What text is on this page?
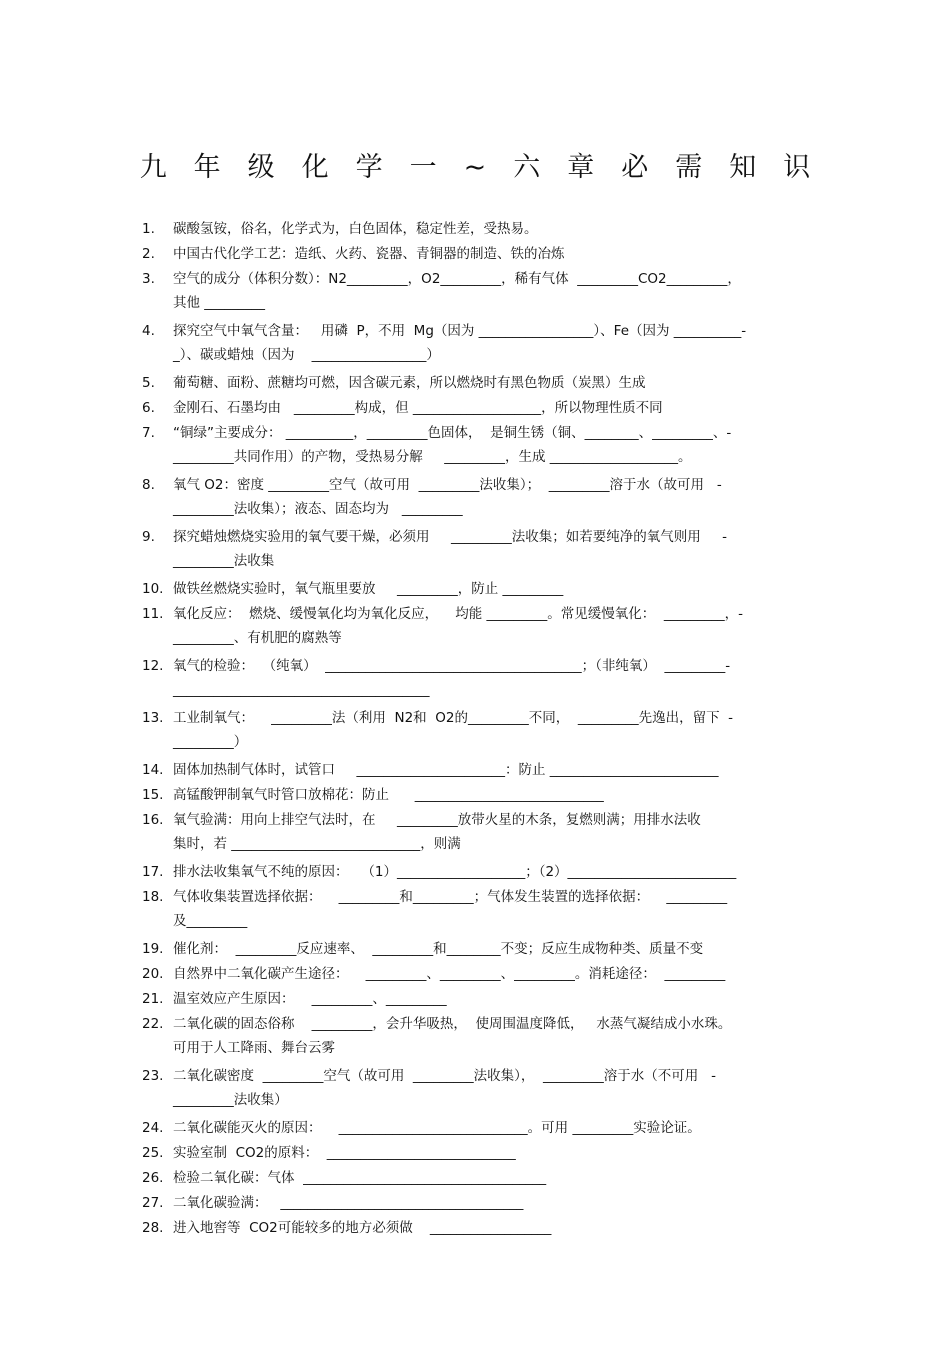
九年级化学一~六章必需知识
1. 碳酸氢铵，俗名，化学式为，白色固体，稳定性差，受热易。
2. 中国古代化学工艺：造纸、火药、瓷器、青铜器的制造、铁的冶炼
3. 空气的成分（体积分数）：N2_________，O2_________，稀有气体  _________CO2_________，
其他 _________
4. 探究空气中氧气含量：   用磷  P，不用  Mg（因为 _________________）、Fe（因为 __________-
_）、碳或蜡烛（因为    _________________）
5. 葡萄糖、面粉、蔗糖均可燃，因含碳元素，所以燃烧时有黑色物质（炭黑）生成
6. 金刚石、石墨均由   _________构成，但 ___________________，所以物理性质不同
7. “铜绿”主要成分： __________，_________色固体，  是铜生锈（铜、________、_________、-
_________共同作用）的产物，受热易分解     _________，生成 ___________________。
8. 氧气 O2：密度 _________空气（故可用  _________法收集）；  _________溶于水（故可用   -
_________法收集）；液态、固态均为   _________
9. 探究蜡烛燃烧实验用的氧气要干燥，必须用     _________法收集；如若要纯净的氧气则用     -
_________法收集
10. 做铁丝燃烧实验时，氧气瓶里要放     _________，防止 _________
11. 氧化反应：  燃烧、缓慢氧化均为氧化反应，    均能 _________。常见缓慢氧化：  _________，-
_________、有机肥的腐熟等
12. 氧气的检验：  （纯氧）  ______________________________________；（非纯氧）  _________-
______________________________________
13. 工业制氧气：    _________法（利用  N2和  O2的_________不同，  _________先逸出，留下  -
_________）
14. 固体加热制气体时，试管口     ______________________：防止 _________________________
15. 高锰酸钾制氧气时管口放棉花：防止      ____________________________
16. 氧气验满：用向上排空气法时，在     _________放带火星的木条，复燃则满；用排水法收
集时，若 ____________________________，则满
17. 排水法收集氧气不纯的原因：   （1）___________________；（2）_________________________
18. 气体收集装置选择依据：    _________和_________；气体发生装置的选择依据：    _________
及_________
19. 催化剂：  _________反应速率、  _________和________不变；反应生成物种类、质量不变
20. 自然界中二氧化碳产生途径：    _________、_________、_________。消耗途径：  _________
21. 温室效应产生原因：    _________、_________
22. 二氧化碳的固态俗称    _________，会升华吸热，  使周围温度降低，   水蒸气凝结成小水珠。
可用于人工降雨、舞台云雾
23. 二氧化碳密度  _________空气（故可用  _________法收集），  _________溶于水（不可用   -
_________法收集）
24. 二氧化碳能灭火的原因：    ____________________________。可用 _________实验论证。
25. 实验室制  CO2的原料：  ____________________________
26. 检验二氧化碳：气体  ____________________________________
27. 二氧化碳验满：   ____________________________________
28. 进入地窖等  CO2可能较多的地方必须做    __________________
